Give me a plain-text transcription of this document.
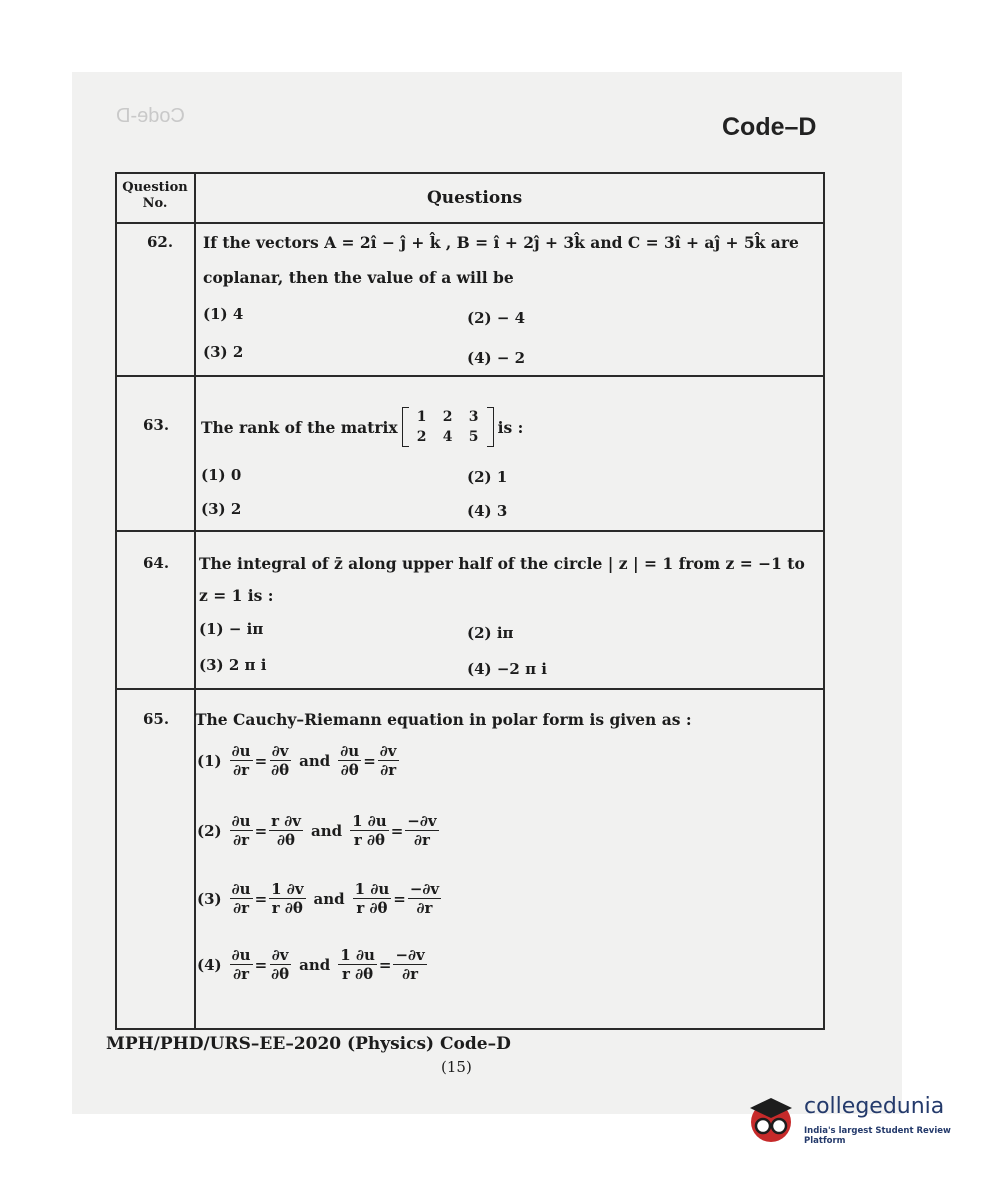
Code-D	Code–D
Question No.	Questions
62. If the vectors A = 2î − ĵ + k̂ , B = î + 2ĵ + 3k̂ and C = 3î + aĵ + 5k̂ are
coplanar, then the value of a will be
(1) 4	(2) − 4
(3) 2	(4) − 2
63. The rank of the matrix
1	2	3
2	4	5
is :
(1) 0	(2) 1
(3) 2	(4) 3
64. The integral of z̄ along upper half of the circle | z | = 1 from z = −1 to
z = 1 is :
(1) − iπ	(2) iπ
(3) 2 π i	(4) −2 π i
65. The Cauchy–Riemann equation in polar form is given as :
$(1) \frac{\partial u}{\partial r} = \frac{\partial v}{\partial\theta}$ and $\frac{\partial u}{\partial\theta} = \frac{\partial v}{\partial r}$
$(2) \frac{\partial u}{\partial r} = \frac{r \partial v}{\partial\theta}$ and $\frac{1 \partial u}{r \partial\theta} = \frac{-\partial v}{\partial r}$
$(3) \frac{\partial u}{\partial r} = \frac{1 \partial v}{r \partial\theta}$ and $\frac{1 \partial u}{r \partial\theta} = \frac{-\partial v}{\partial r}$
$(4) \frac{\partial u}{\partial r} = \frac{\partial v}{\partial\theta}$ and $\frac{1 \partial u}{r \partial\theta} = \frac{-\partial v}{\partial r}$
MPH/PHD/URS–EE–2020 (Physics) Code–D
(15)
collegedunia
India's largest Student Review Platform
